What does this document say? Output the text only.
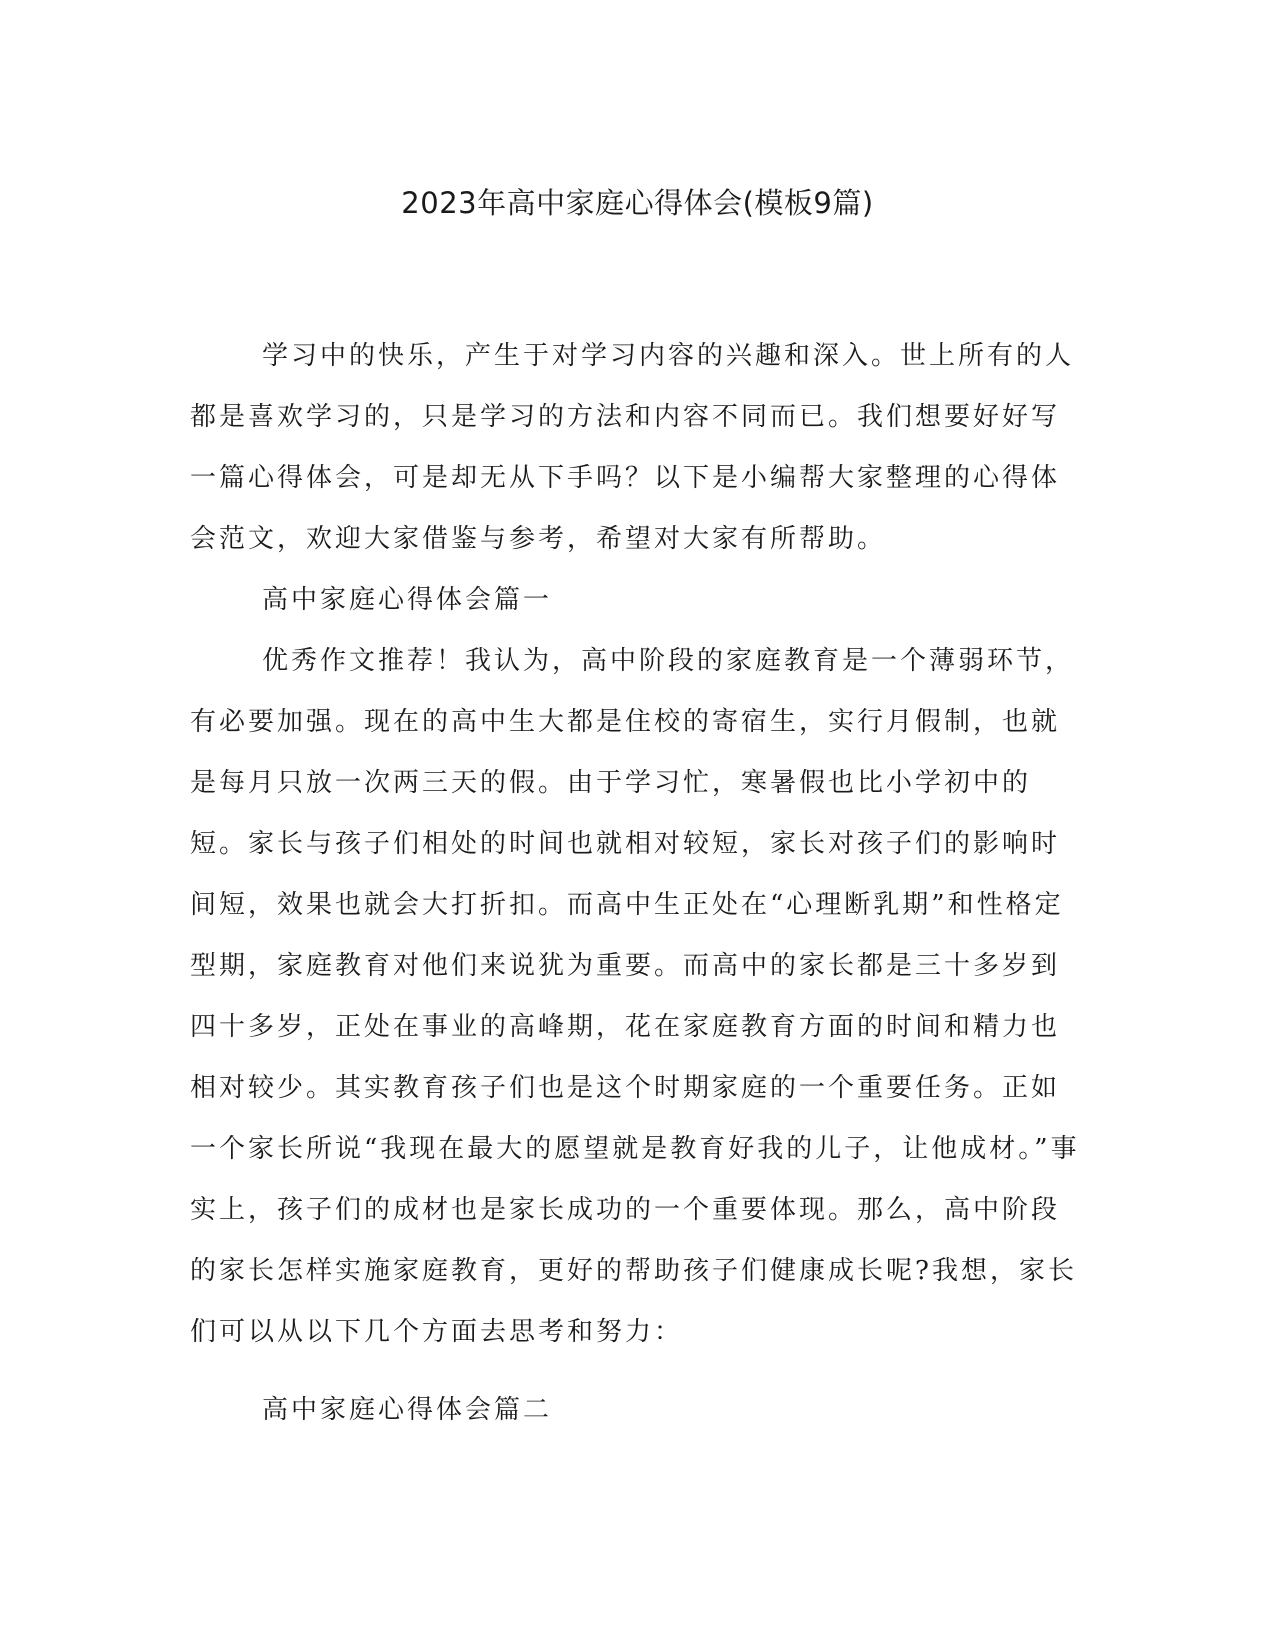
2023年高中家庭心得体会(模板9篇)

学习中的快乐，产生于对学习内容的兴趣和深入。世上所有的人都是喜欢学习的，只是学习的方法和内容不同而已。我们想要好好写一篇心得体会，可是却无从下手吗？以下是小编帮大家整理的心得体会范文，欢迎大家借鉴与参考，希望对大家有所帮助。

高中家庭心得体会篇一

优秀作文推荐！我认为，高中阶段的家庭教育是一个薄弱环节，有必要加强。现在的高中生大都是住校的寄宿生，实行月假制，也就是每月只放一次两三天的假。由于学习忙，寒暑假也比小学初中的短。家长与孩子们相处的时间也就相对较短，家长对孩子们的影响时间短，效果也就会大打折扣。而高中生正处在“心理断乳期”和性格定型期，家庭教育对他们来说犹为重要。而高中的家长都是三十多岁到四十多岁，正处在事业的高峰期，花在家庭教育方面的时间和精力也相对较少。其实教育孩子们也是这个时期家庭的一个重要任务。正如一个家长所说“我现在最大的愿望就是教育好我的儿子，让他成材。”事实上，孩子们的成材也是家长成功的一个重要体现。那么，高中阶段的家长怎样实施家庭教育，更好的帮助孩子们健康成长呢?我想，家长们可以从以下几个方面去思考和努力：

高中家庭心得体会篇二
